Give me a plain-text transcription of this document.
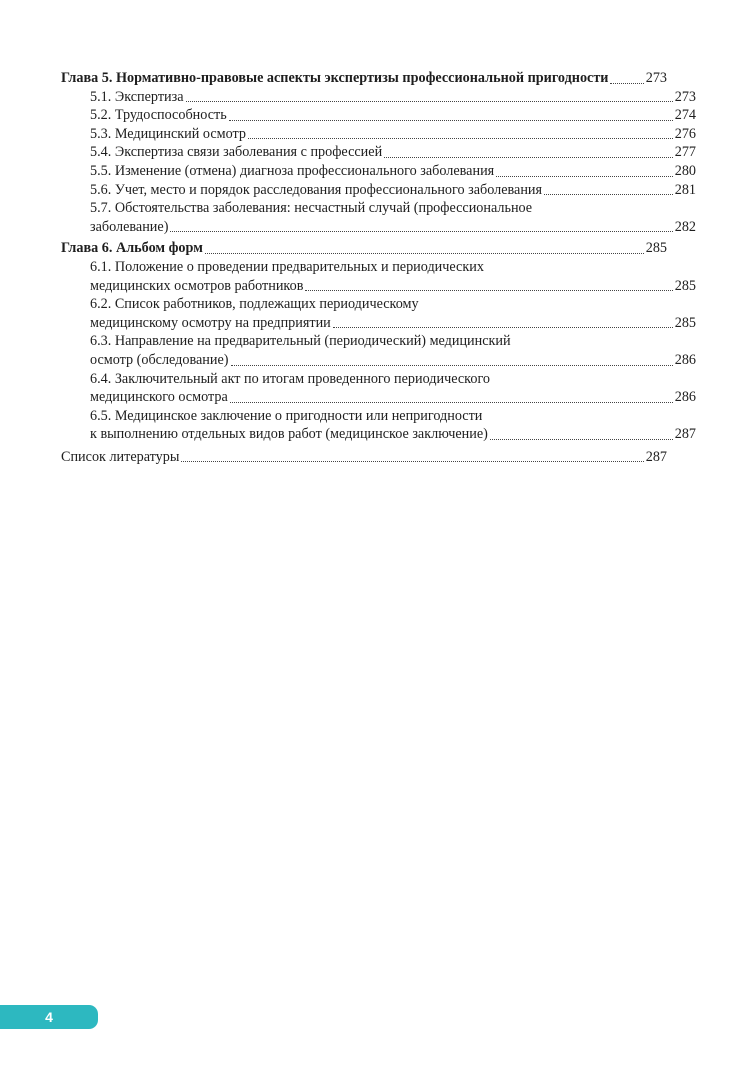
Глава 5. Нормативно-правовые аспекты экспертизы профессиональной пригодности	273
5.1. Экспертиза	273
5.2. Трудоспособность	274
5.3. Медицинский осмотр	276
5.4. Экспертиза связи заболевания с профессией	277
5.5. Изменение (отмена) диагноза профессионального заболевания	280
5.6. Учет, место и порядок расследования профессионального заболевания	281
5.7. Обстоятельства заболевания: несчастный случай (профессиональное
заболевание)	282
Глава 6. Альбом форм	285
6.1. Положение о проведении предварительных и периодических
медицинских осмотров работников	285
6.2. Список работников, подлежащих периодическому
медицинскому осмотру на предприятии	285
6.3. Направление на предварительный (периодический) медицинский
осмотр (обследование)	286
6.4. Заключительный акт по итогам проведенного периодического
медицинского осмотра	286
6.5. Медицинское заключение о пригодности или непригодности
к выполнению отдельных видов работ (медицинское заключение)	287
Список литературы	287
4
